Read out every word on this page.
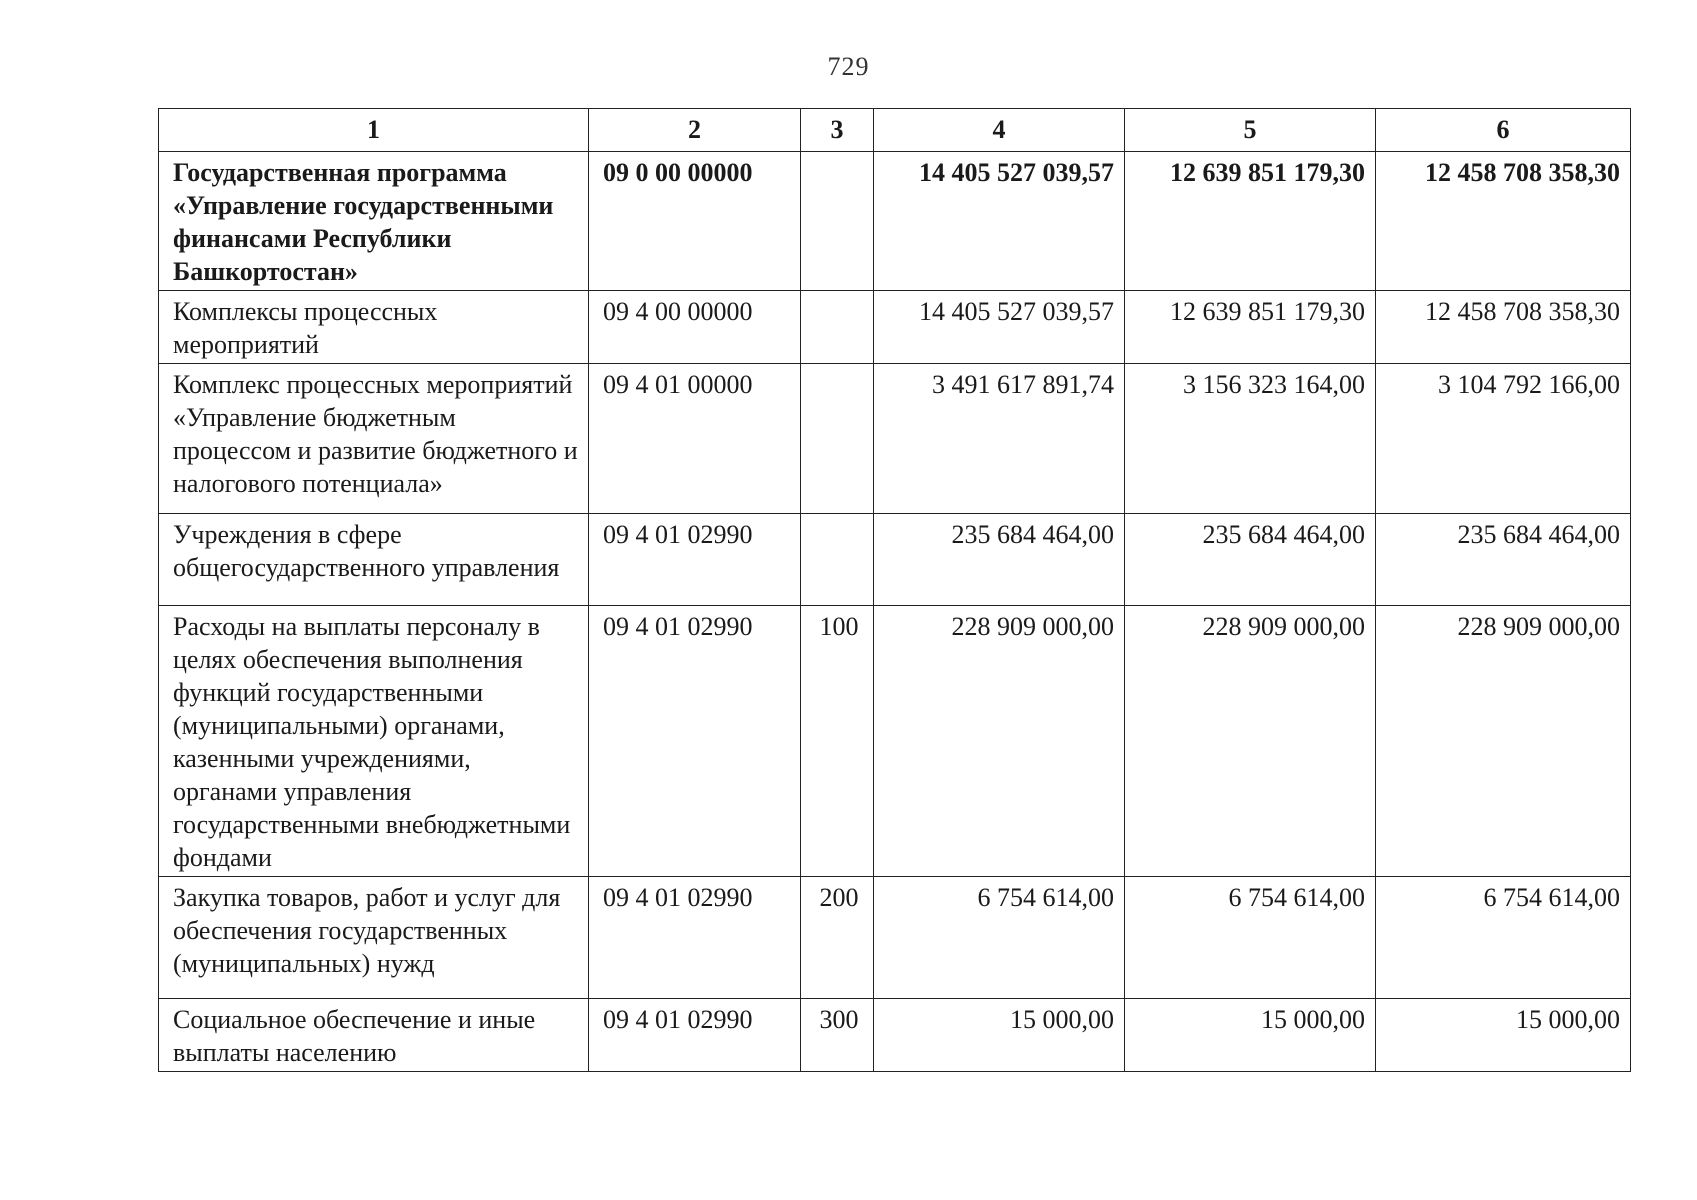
729
1	2	3	4	5	6
Государственная программа «Управление государственными финансами Республики Башкортостан»	09 0 00 00000		14 405 527 039,57	12 639 851 179,30	12 458 708 358,30
Комплексы процессных мероприятий	09 4 00 00000		14 405 527 039,57	12 639 851 179,30	12 458 708 358,30
Комплекс процессных мероприятий «Управление бюджетным процессом и развитие бюджетного и налогового потенциала»	09 4 01 00000		3 491 617 891,74	3 156 323 164,00	3 104 792 166,00
Учреждения в сфере общегосударственного управления	09 4 01 02990		235 684 464,00	235 684 464,00	235 684 464,00
Расходы на выплаты персоналу в целях обеспечения выполнения функций государственными (муниципальными) органами, казенными учреждениями, органами управления государственными внебюджетными фондами	09 4 01 02990	100	228 909 000,00	228 909 000,00	228 909 000,00
Закупка товаров, работ и услуг для обеспечения государственных (муниципальных) нужд	09 4 01 02990	200	6 754 614,00	6 754 614,00	6 754 614,00
Социальное обеспечение и иные выплаты населению	09 4 01 02990	300	15 000,00	15 000,00	15 000,00
